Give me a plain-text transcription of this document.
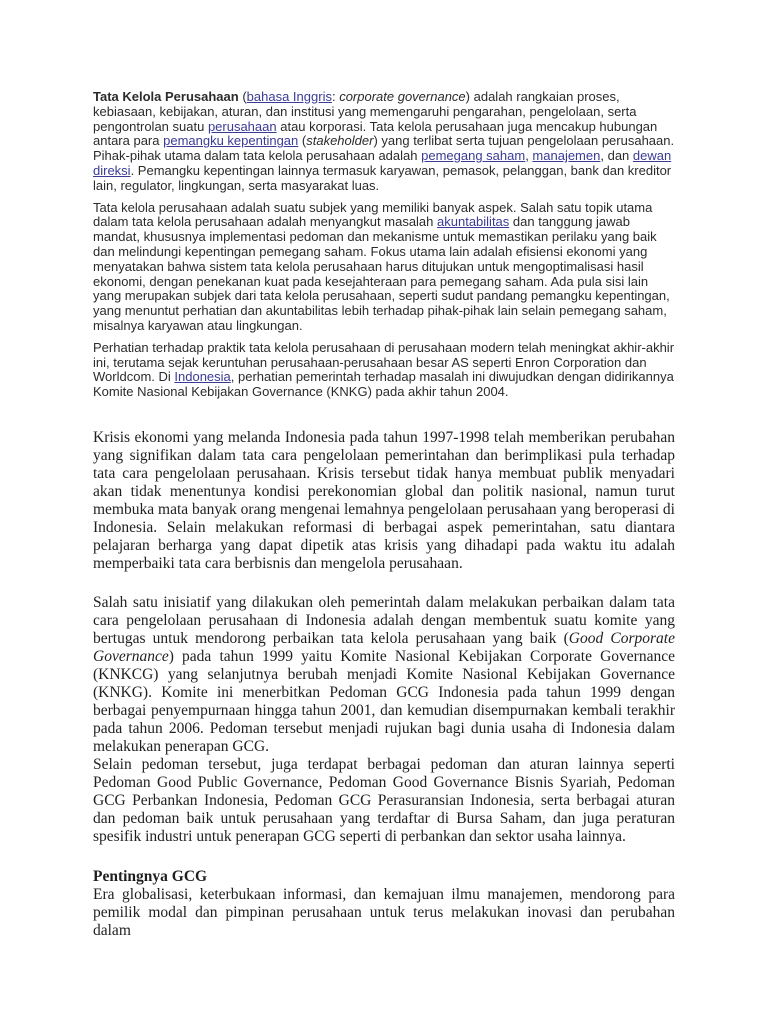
Tata Kelola Perusahaan (bahasa Inggris: corporate governance) adalah rangkaian proses, kebiasaan, kebijakan, aturan, dan institusi yang memengaruhi pengarahan, pengelolaan, serta pengontrolan suatu perusahaan atau korporasi. Tata kelola perusahaan juga mencakup hubungan antara para pemangku kepentingan (stakeholder) yang terlibat serta tujuan pengelolaan perusahaan. Pihak-pihak utama dalam tata kelola perusahaan adalah pemegang saham, manajemen, dan dewan direksi. Pemangku kepentingan lainnya termasuk karyawan, pemasok, pelanggan, bank dan kreditor lain, regulator, lingkungan, serta masyarakat luas.

Tata kelola perusahaan adalah suatu subjek yang memiliki banyak aspek. Salah satu topik utama dalam tata kelola perusahaan adalah menyangkut masalah akuntabilitas dan tanggung jawab mandat, khususnya implementasi pedoman dan mekanisme untuk memastikan perilaku yang baik dan melindungi kepentingan pemegang saham. Fokus utama lain adalah efisiensi ekonomi yang menyatakan bahwa sistem tata kelola perusahaan harus ditujukan untuk mengoptimalisasi hasil ekonomi, dengan penekanan kuat pada kesejahteraan para pemegang saham. Ada pula sisi lain yang merupakan subjek dari tata kelola perusahaan, seperti sudut pandang pemangku kepentingan, yang menuntut perhatian dan akuntabilitas lebih terhadap pihak-pihak lain selain pemegang saham, misalnya karyawan atau lingkungan.

Perhatian terhadap praktik tata kelola perusahaan di perusahaan modern telah meningkat akhir-akhir ini, terutama sejak keruntuhan perusahaan-perusahaan besar AS seperti Enron Corporation dan Worldcom. Di Indonesia, perhatian pemerintah terhadap masalah ini diwujudkan dengan didirikannya Komite Nasional Kebijakan Governance (KNKG) pada akhir tahun 2004.

Krisis ekonomi yang melanda Indonesia pada tahun 1997-1998 telah memberikan perubahan yang signifikan dalam tata cara pengelolaan pemerintahan dan berimplikasi pula terhadap tata cara pengelolaan perusahaan. Krisis tersebut tidak hanya membuat publik menyadari akan tidak menentunya kondisi perekonomian global dan politik nasional, namun turut membuka mata banyak orang mengenai lemahnya pengelolaan perusahaan yang beroperasi di Indonesia. Selain melakukan reformasi di berbagai aspek pemerintahan, satu diantara pelajaran berharga yang dapat dipetik atas krisis yang dihadapi pada waktu itu adalah memperbaiki tata cara berbisnis dan mengelola perusahaan.

Salah satu inisiatif yang dilakukan oleh pemerintah dalam melakukan perbaikan dalam tata cara pengelolaan perusahaan di Indonesia adalah dengan membentuk suatu komite yang bertugas untuk mendorong perbaikan tata kelola perusahaan yang baik (Good Corporate Governance) pada tahun 1999 yaitu Komite Nasional Kebijakan Corporate Governance (KNKCG) yang selanjutnya berubah menjadi Komite Nasional Kebijakan Governance (KNKG). Komite ini menerbitkan Pedoman GCG Indonesia pada tahun 1999 dengan berbagai penyempurnaan hingga tahun 2001, dan kemudian disempurnakan kembali terakhir pada tahun 2006. Pedoman tersebut menjadi rujukan bagi dunia usaha di Indonesia dalam melakukan penerapan GCG.

Selain pedoman tersebut, juga terdapat berbagai pedoman dan aturan lainnya seperti Pedoman Good Public Governance, Pedoman Good Governance Bisnis Syariah, Pedoman GCG Perbankan Indonesia, Pedoman GCG Perasuransian Indonesia, serta berbagai aturan dan pedoman baik untuk perusahaan yang terdaftar di Bursa Saham, dan juga peraturan spesifik industri untuk penerapan GCG seperti di perbankan dan sektor usaha lainnya.

Pentingnya GCG

Era globalisasi, keterbukaan informasi, dan kemajuan ilmu manajemen, mendorong para pemilik modal dan pimpinan perusahaan untuk terus melakukan inovasi dan perubahan dalam
